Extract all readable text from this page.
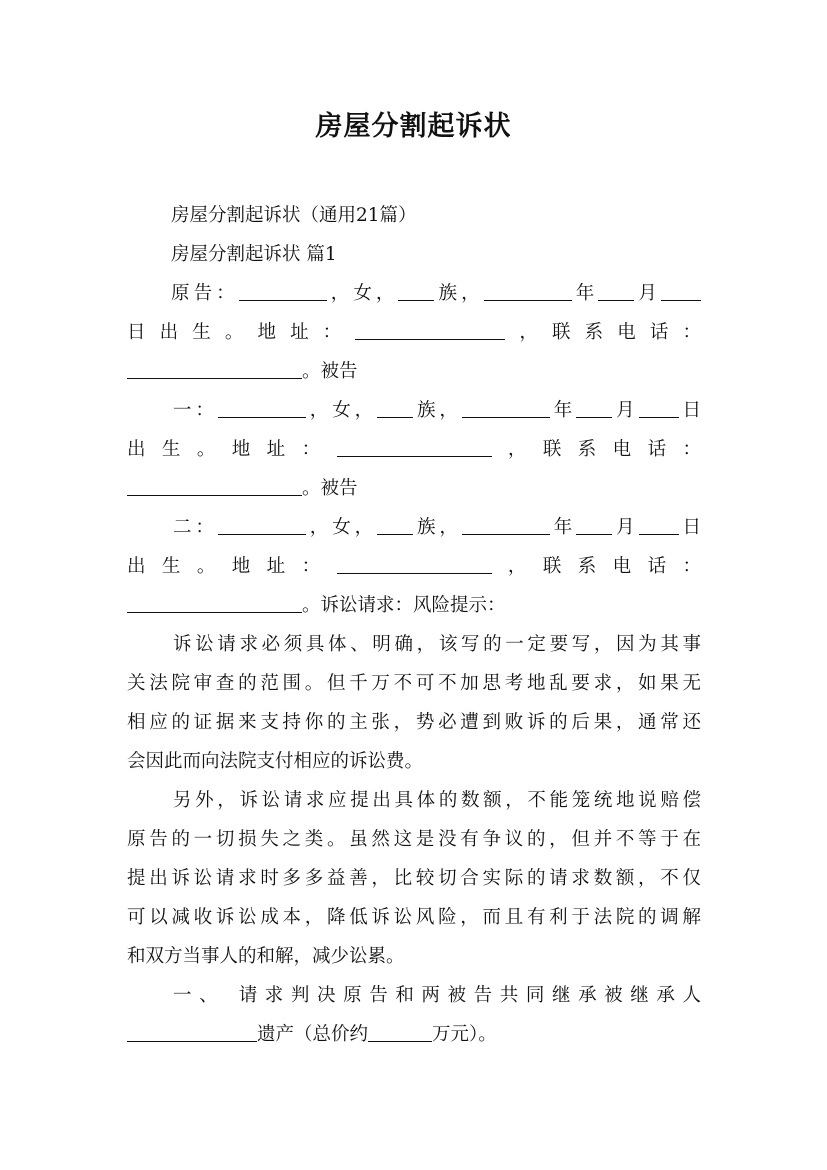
房屋分割起诉状
房屋分割起诉状（通用21篇）
房屋分割起诉状 篇1
原告：	，女， 族，	年 月
日出生。地址：	，联系电话：
。被告
一：	，女， 族，	年 月 日
出生。地址：	，联系电话：
。被告
二：	，女， 族，	年 月 日
出生。地址：	，联系电话：
。诉讼请求：风险提示：
诉讼请求必须具体、明确，该写的一定要写，因为其事
关法院审查的范围。但千万不可不加思考地乱要求，如果无
相应的证据来支持你的主张，势必遭到败诉的后果，通常还
会因此而向法院支付相应的诉讼费。
另外，诉讼请求应提出具体的数额，不能笼统地说赔偿
原告的一切损失之类。虽然这是没有争议的，但并不等于在
提出诉讼请求时多多益善，比较切合实际的请求数额，不仅
可以减收诉讼成本，降低诉讼风险，而且有利于法院的调解
和双方当事人的和解，减少讼累。
一、 请求判决原告和两被告共同继承被继承人
遗产（总价约	万元）。
